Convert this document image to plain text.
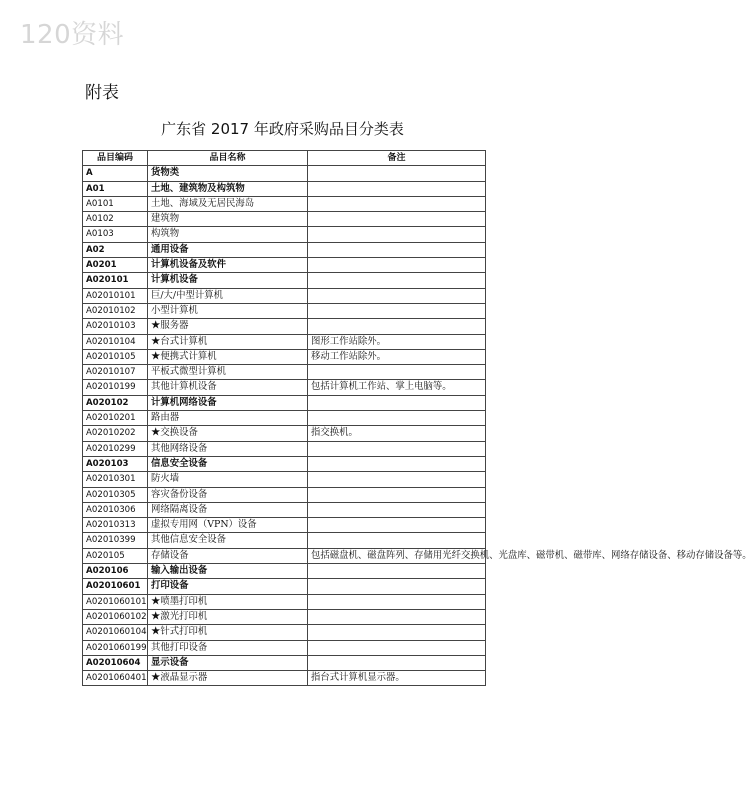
120资料
附表
广东省 2017 年政府采购品目分类表
品目编码	品目名称	备注
A	货物类	
A01	土地、建筑物及构筑物	
A0101	土地、海域及无居民海岛	
A0102	建筑物	
A0103	构筑物	
A02	通用设备	
A0201	计算机设备及软件	
A020101	计算机设备	
A02010101	巨/大/中型计算机	
A02010102	小型计算机	
A02010103	★服务器	
A02010104	★台式计算机	图形工作站除外。
A02010105	★便携式计算机	移动工作站除外。
A02010107	平板式微型计算机	
A02010199	其他计算机设备	包括计算机工作站、掌上电脑等。
A020102	计算机网络设备	
A02010201	路由器	
A02010202	★交换设备	指交换机。
A02010299	其他网络设备	
A020103	信息安全设备	
A02010301	防火墙	
A02010305	容灾备份设备	
A02010306	网络隔离设备	
A02010313	虚拟专用网（VPN）设备	
A02010399	其他信息安全设备	
A020105	存储设备	包括磁盘机、磁盘阵列、存储用光纤交换机、光盘库、磁带机、磁带库、网络存储设备、移动存储设备等。
A020106	输入输出设备	
A02010601	打印设备	
A0201060101	★喷墨打印机	
A0201060102	★激光打印机	
A0201060104	★针式打印机	
A0201060199	其他打印设备	
A02010604	显示设备	
A0201060401	★液晶显示器	指台式计算机显示器。
